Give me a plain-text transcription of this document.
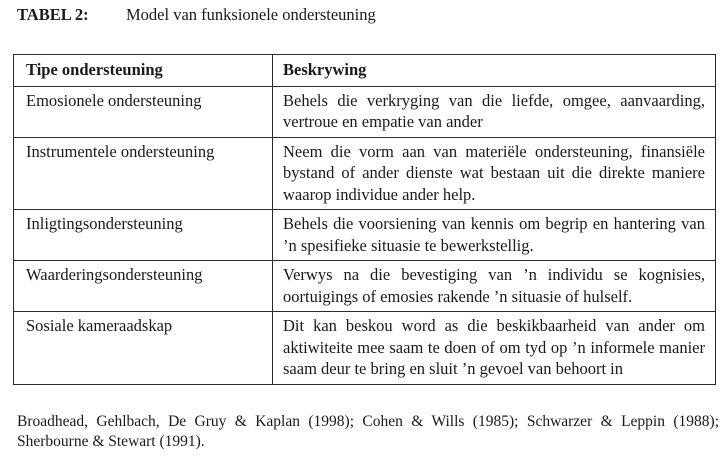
TABEL 2: Model van funksionele ondersteuning
Tipe ondersteuning	Beskrywing
Emosionele ondersteuning	Behels die verkryging van die liefde, omgee, aanvaarding, vertroue en empatie van ander
Instrumentele ondersteuning	Neem die vorm aan van materiële ondersteuning, finansiële bystand of ander dienste wat bestaan uit die direkte maniere waarop individue ander help.
Inligtingsondersteuning	Behels die voorsiening van kennis om begrip en hantering van ’n spesifieke situasie te bewerkstellig.
Waarderingsondersteuning	Verwys na die bevestiging van ’n individu se kognisies, oortuigings of emosies rakende ’n situasie of hulself.
Sosiale kameraadskap	Dit kan beskou word as die beskikbaarheid van ander om aktiwiteite mee saam te doen of om tyd op ’n informele manier saam deur te bring en sluit ’n gevoel van behoort in
Broadhead, Gehlbach, De Gruy & Kaplan (1998); Cohen & Wills (1985); Schwarzer & Leppin (1988); Sherbourne & Stewart (1991).
